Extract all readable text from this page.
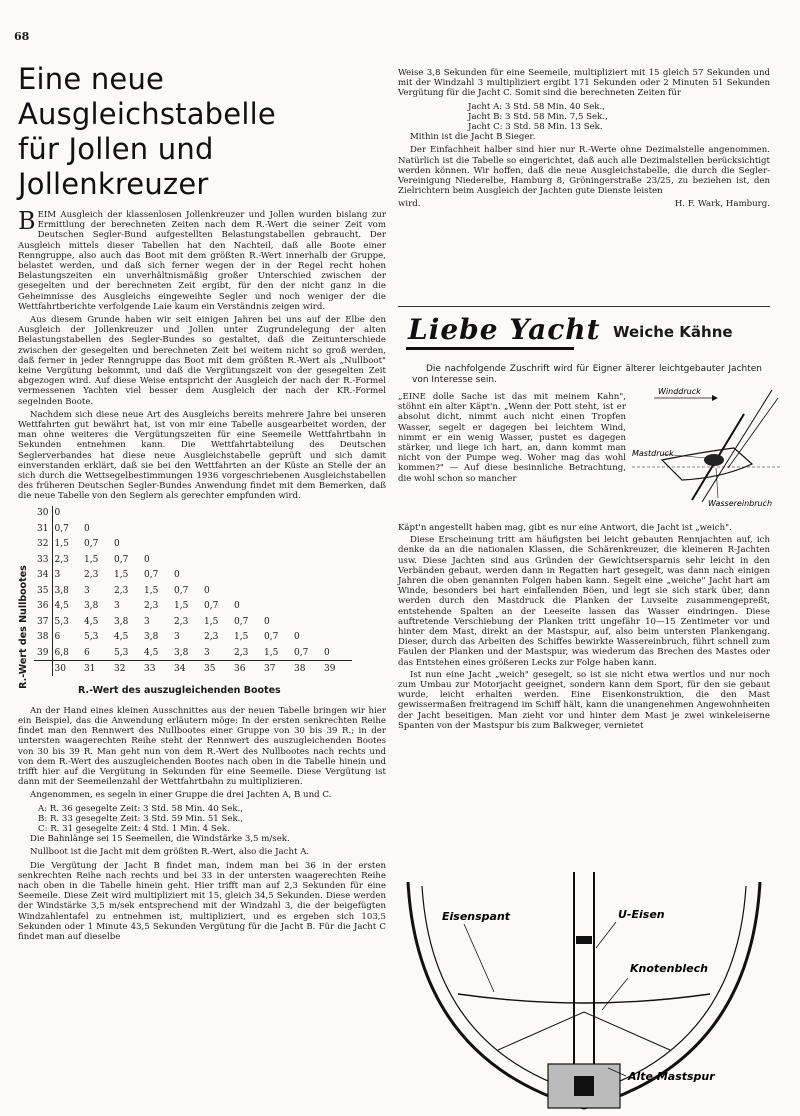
68
Eine neue Ausgleichstabelle
für Jollen und Jollenkreuzer

BEIM Ausgleich der klassenlosen Jollenkreuzer und Jollen wurden bislang zur Ermittlung der berechneten Zeiten nach dem R.-Wert die seiner Zeit vom Deutschen Segler-Bund aufgestellten Belastungstabellen gebraucht. Der Ausgleich mittels dieser Tabellen hat den Nachteil, daß alle Boote einer Renngruppe, also auch das Boot mit dem größten R.-Wert innerhalb der Gruppe, belastet werden, und daß sich ferner wegen der in der Regel recht hohen Belastungszeiten ein unverhältnismäßig großer Unterschied zwischen der gesegelten und der berechneten Zeit ergibt, für den der nicht ganz in die Geheimnisse des Ausgleichs eingeweihte Segler und noch weniger der die Wettfahrtberichte verfolgende Laie kaum ein Verständnis zeigen wird.

Aus diesem Grunde haben wir seit einigen Jahren bei uns auf der Elbe den Ausgleich der Jollenkreuzer und Jollen unter Zugrundelegung der alten Belastungstabellen des Segler-Bundes so gestaltet, daß die Zeitunterschiede zwischen der gesegelten und berechneten Zeit bei weitem nicht so groß werden, daß ferner in jeder Renngruppe das Boot mit dem größten R.-Wert als „Nullboot" keine Vergütung bekommt, und daß die Vergütungszeit von der gesegelten Zeit abgezogen wird. Auf diese Weise entspricht der Ausgleich der nach der R.-Formel vermessenen Yachten viel besser dem Ausgleich der nach der KR.-Formel segelnden Boote.

Nachdem sich diese neue Art des Ausgleichs bereits mehrere Jahre bei unseren Wettfahrten gut bewährt hat, ist von mir eine Tabelle ausgearbeitet worden, der man ohne weiteres die Vergütungszeiten für eine Seemeile Wettfahrtbahn in Sekunden entnehmen kann. Die Wettfahrtabteilung des Deutschen Seglerverbandes hat diese neue Ausgleichstabelle geprüft und sich damit einverstanden erklärt, daß sie bei den Wettfahrten an der Küste an Stelle der an sich durch die Wettsegelbestimmungen 1936 vorgeschriebenen Ausgleichstabellen des früheren Deutschen Segler-Bundes Anwendung findet mit dem Bemerken, daß die neue Tabelle von den Seglern als gerechter empfunden wird.

R.-Wert des Nullbootes
30	0									
31	0,7	0								
32	1,5	0,7	0							
33	2,3	1,5	0,7	0						
34	3	2,3	1,5	0,7	0					
35	3,8	3	2,3	1,5	0,7	0				
36	4,5	3,8	3	2,3	1,5	0,7	0			
37	5,3	4,5	3,8	3	2,3	1,5	0,7	0		
38	6	5,3	4,5	3,8	3	2,3	1,5	0,7	0	
39	6,8	6	5,3	4,5	3,8	3	2,3	1,5	0,7	0
	30	31	32	33	34	35	36	37	38	39
R.-Wert des auszugleichenden Bootes

An der Hand eines kleinen Ausschnittes aus der neuen Tabelle bringen wir hier ein Beispiel, das die Anwendung erläutern möge: In der ersten senkrechten Reihe findet man den Rennwert des Nullbootes einer Gruppe von 30 bis 39 R.; in der untersten waagerechten Reihe steht der Rennwert des auszugleichenden Bootes von 30 bis 39 R. Man geht nun von dem R.-Wert des Nullbootes nach rechts und von dem R.-Wert des auszugleichenden Bootes nach oben in die Tabelle hinein und trifft hier auf die Vergütung in Sekunden für eine Seemeile. Diese Vergütung ist dann mit der Seemeilenzahl der Wettfahrtbahn zu multiplizieren.

Angenommen, es segeln in einer Gruppe die drei Jachten A, B und C.

A: R. 36 gesegelte Zeit: 3 Std. 58 Min. 40 Sek.,
B: R. 33 gesegelte Zeit: 3 Std. 59 Min. 51 Sek.,
C: R. 31 gesegelte Zeit: 4 Std. 1 Min. 4 Sek.

Die Bahnlänge sei 15 Seemeilen, die Windstärke 3,5 m/sek.

Nullboot ist die Jacht mit dem größten R.-Wert, also die Jacht A.

Die Vergütung der Jacht B findet man, indem man bei 36 in der ersten senkrechten Reihe nach rechts und bei 33 in der untersten waagerechten Reihe nach oben in die Tabelle hinein geht. Hier trifft man auf 2,3 Sekunden für eine Seemeile. Diese Zeit wird multipliziert mit 15, gleich 34,5 Sekunden. Diese werden der Windstärke 3,5 m/sek entsprechend mit der Windzahl 3, die der beigefügten Windzahlentafel zu entnehmen ist, multipliziert, und es ergeben sich 103,5 Sekunden oder 1 Minute 43,5 Sekunden Vergütung für die Jacht B. Für die Jacht C findet man auf dieselbe

Weise 3,8 Sekunden für eine Seemeile, multipliziert mit 15 gleich 57 Sekunden und mit der Windzahl 3 multipliziert ergibt 171 Sekunden oder 2 Minuten 51 Sekunden Vergütung für die Jacht C. Somit sind die berechneten Zeiten für

Jacht A: 3 Std. 58 Min. 40 Sek.,
Jacht B: 3 Std. 58 Min. 7,5 Sek.,
Jacht C: 3 Std. 58 Min. 13 Sek.

Mithin ist die Jacht B Sieger.

Der Einfachheit halber sind hier nur R.-Werte ohne Dezimalstelle angenommen. Natürlich ist die Tabelle so eingerichtet, daß auch alle Dezimalstellen berücksichtigt werden können. Wir hoffen, daß die neue Ausgleichstabelle, die durch die Segler-Vereinigung Niederelbe, Hamburg 8, Gröningerstraße 23/25, zu beziehen ist, den Zielrichtern beim Ausgleich der Jachten gute Dienste leisten

wird.	H. F. Wark, Hamburg.
Liebe Yacht Weiche Kähne
Die nachfolgende Zuschrift wird für Eigner älterer leichtgebauter Jachten von Interesse sein.

„EINE dolle Sache ist das mit meinem Kahn", stöhnt ein alter Käpt'n. „Wenn der Pott steht, ist er absolut dicht, nimmt auch nicht einen Tropfen Wasser, segelt er dagegen bei leichtem Wind, nimmt er ein wenig Wasser, pustet es dagegen stärker, und liege ich hart, an, dann kommt man nicht von der Pumpe weg. Woher mag das wohl kommen?" — Auf diese besinnliche Betrachtung, die wohl schon so mancher

Winddruck
Mastdruck
Wassereinbruch

Käpt'n angestellt haben mag, gibt es nur eine Antwort, die Jacht ist „weich".

Diese Erscheinung tritt am häufigsten bei leicht gebauten Rennjachten auf, ich denke da an die nationalen Klassen, die Schärenkreuzer, die kleineren R-Jachten usw. Diese Jachten sind aus Gründen der Gewichtsersparnis sehr leicht in den Verbänden gebaut, werden dann in Regatten hart gesegelt, was dann nach einigen Jahren die oben genannten Folgen haben kann. Segelt eine „weiche" Jacht hart am Winde, besonders bei hart einfallenden Böen, und legt sie sich stark über, dann werden durch den Mastdruck die Planken der Luvseite zusammengepreßt, entstehende Spalten an der Leeseite lassen das Wasser eindringen. Diese auftretende Verschiebung der Planken tritt ungefähr 10—15 Zentimeter vor und hinter dem Mast, direkt an der Mastspur, auf, also beim untersten Plankengang. Dieser, durch das Arbeiten des Schiffes bewirkte Wassereinbruch, führt schnell zum Faulen der Planken und der Mastspur, was wiederum das Brechen des Mastes oder das Entstehen eines größeren Lecks zur Folge haben kann.

Ist nun eine Jacht „weich" gesegelt, so ist sie nicht etwa wertlos und nur noch zum Umbau zur Motorjacht geeignet, sondern kann dem Sport, für den sie gebaut wurde, leicht erhalten werden. Eine Eisenkonstruktion, die den Mast gewissermaßen freitragend im Schiff hält, kann die unangenehmen Angewohnheiten der Jacht beseitigen. Man zieht vor und hinter dem Mast je zwei winkeleiserne Spanten von der Mastspur bis zum Balkweger, vernietet

Eisenspant	U-Eisen
Knotenblech
Alte Mastspur
